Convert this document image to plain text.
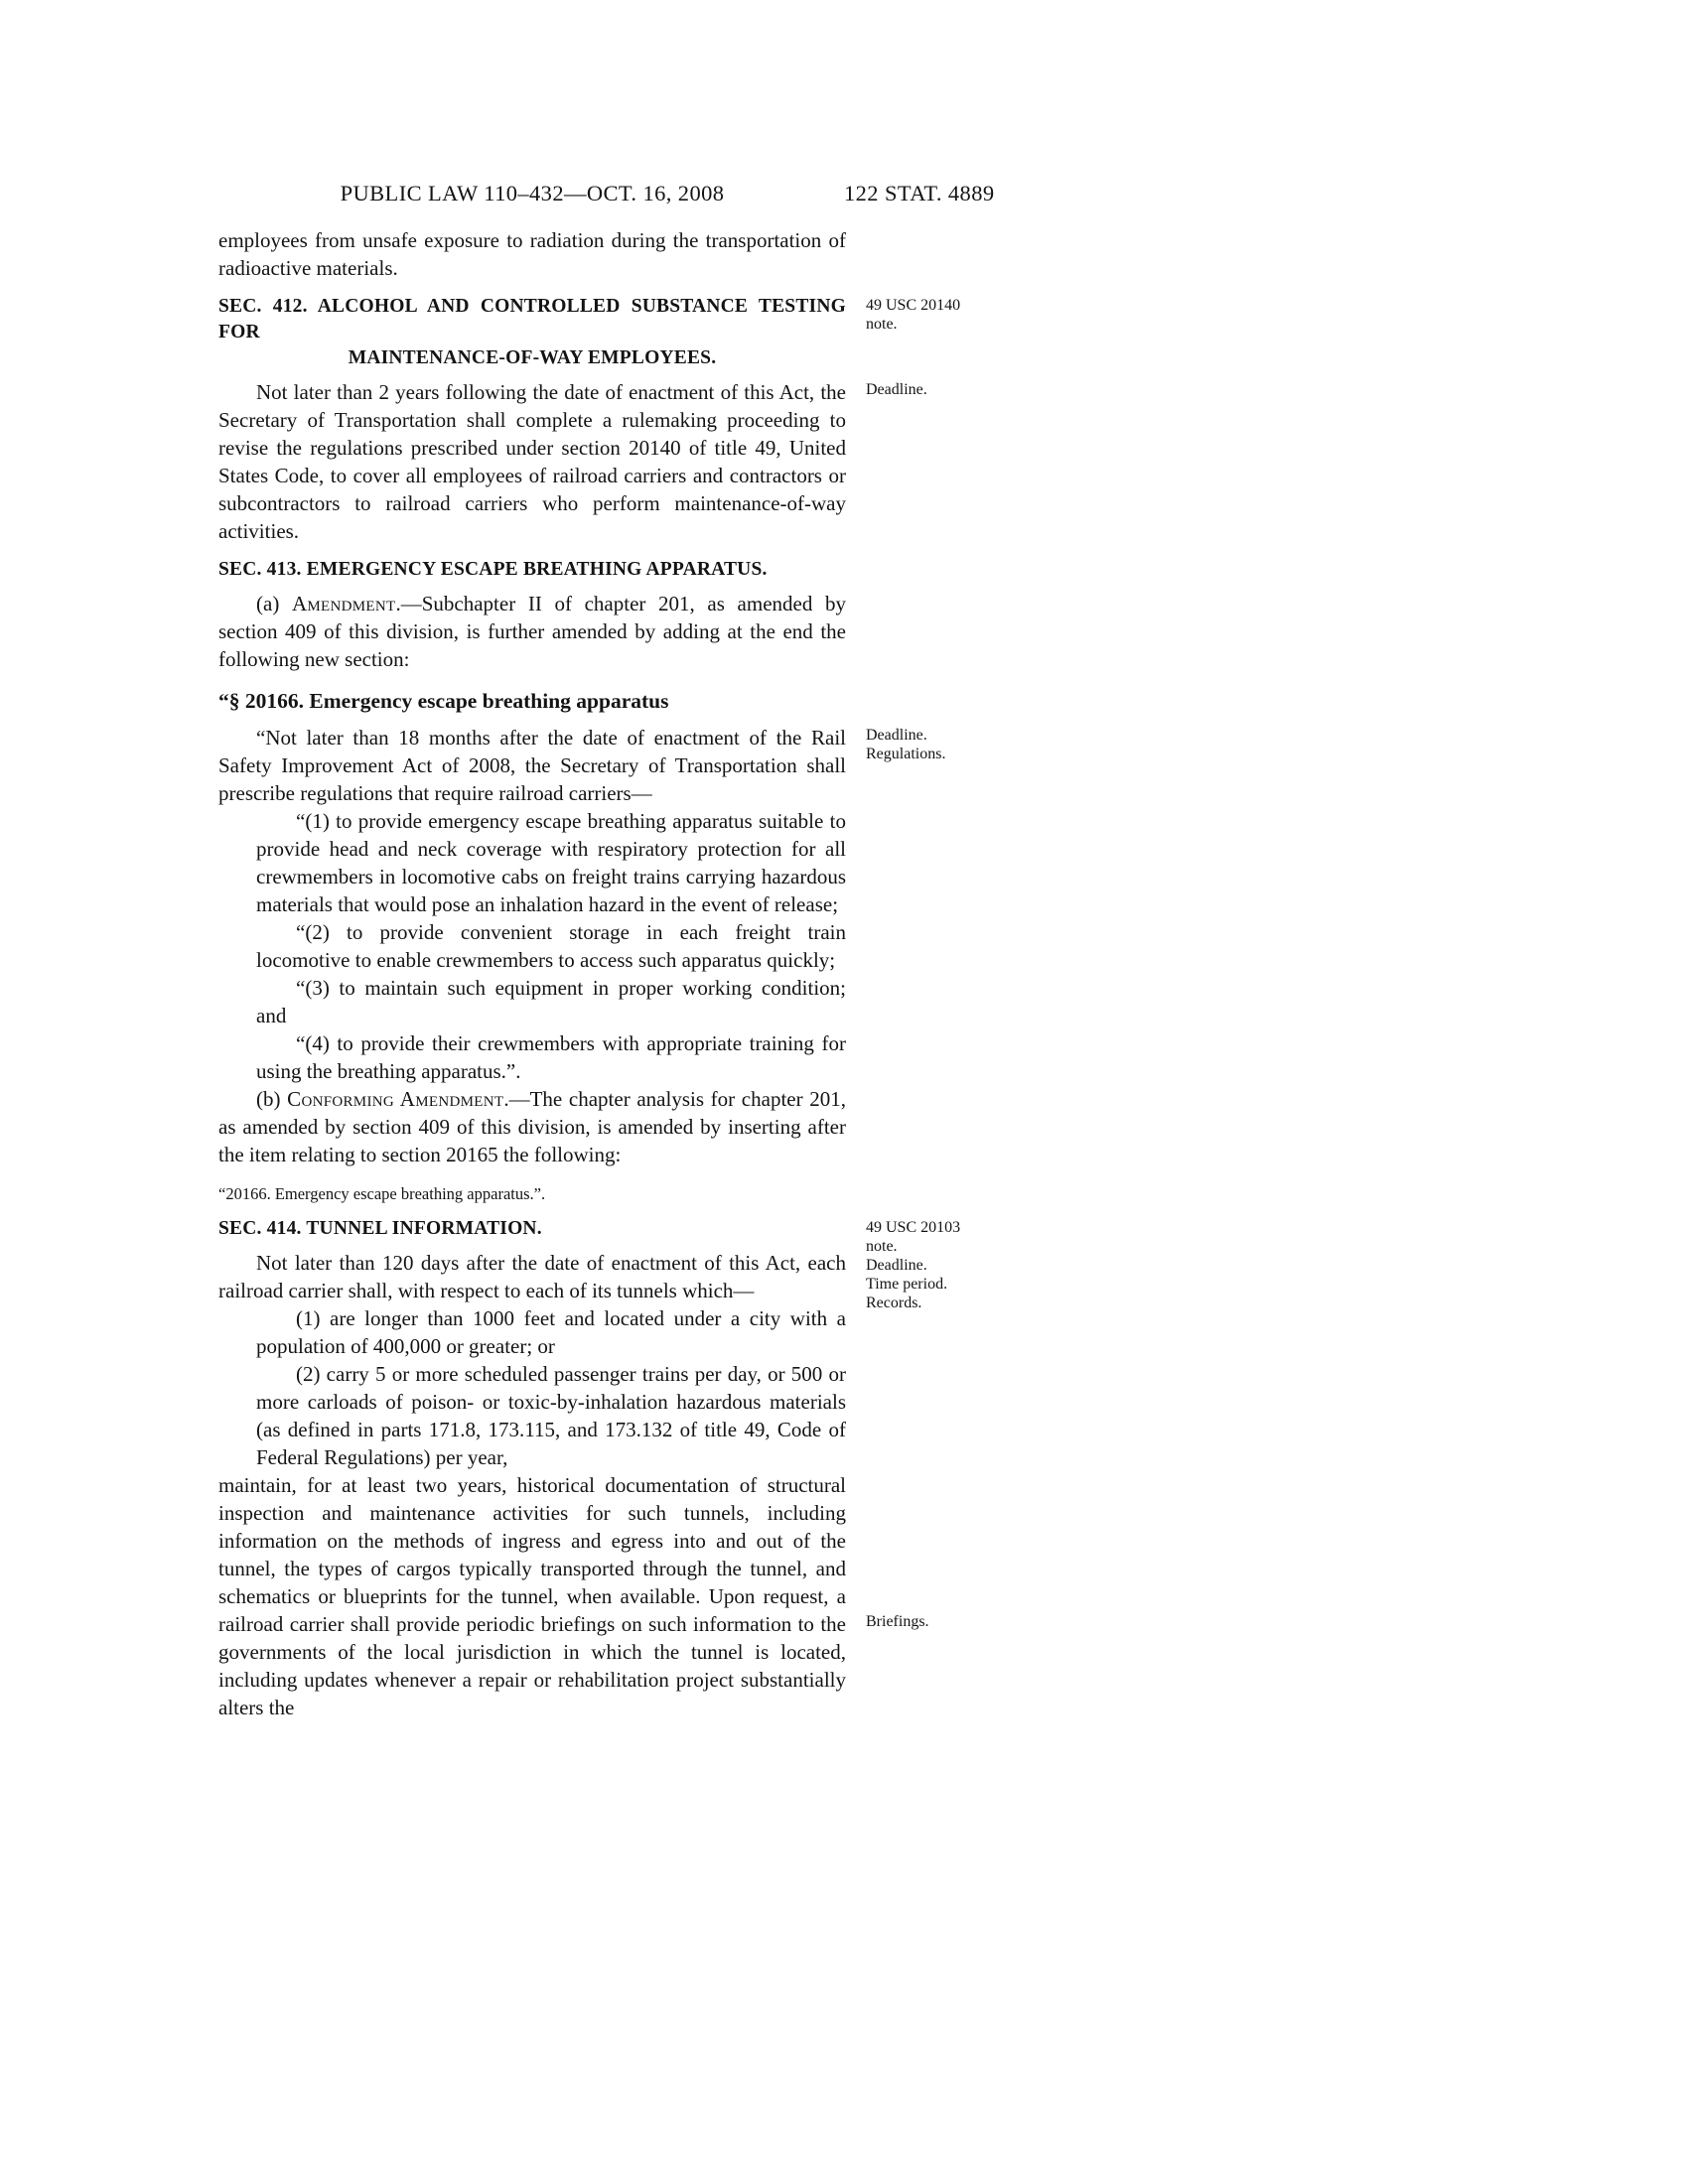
PUBLIC LAW 110–432—OCT. 16, 2008	122 STAT. 4889

employees from unsafe exposure to radiation during the transportation of radioactive materials.

SEC. 412. ALCOHOL AND CONTROLLED SUBSTANCE TESTING FOR

MAINTENANCE-OF-WAY EMPLOYEES.

49 USC 20140
note.

Not later than 2 years following the date of enactment of this Act, the Secretary of Transportation shall complete a rulemaking proceeding to revise the regulations prescribed under section 20140 of title 49, United States Code, to cover all employees of railroad carriers and contractors or subcontractors to railroad carriers who perform maintenance-of-way activities.

Deadline.

SEC. 413. EMERGENCY ESCAPE BREATHING APPARATUS.

(a) Amendment.—Subchapter II of chapter 201, as amended by section 409 of this division, is further amended by adding at the end the following new section:

“§ 20166. Emergency escape breathing apparatus

“Not later than 18 months after the date of enactment of the Rail Safety Improvement Act of 2008, the Secretary of Transportation shall prescribe regulations that require railroad carriers—

Deadline.
Regulations.

“(1) to provide emergency escape breathing apparatus suitable to provide head and neck coverage with respiratory protection for all crewmembers in locomotive cabs on freight trains carrying hazardous materials that would pose an inhalation hazard in the event of release;

“(2) to provide convenient storage in each freight train locomotive to enable crewmembers to access such apparatus quickly;

“(3) to maintain such equipment in proper working condition; and

“(4) to provide their crewmembers with appropriate training for using the breathing apparatus.”.

(b) Conforming Amendment.—The chapter analysis for chapter 201, as amended by section 409 of this division, is amended by inserting after the item relating to section 20165 the following:

“20166. Emergency escape breathing apparatus.”.

SEC. 414. TUNNEL INFORMATION.	49 USC 20103
note.
Deadline.
Time period.
Records.

Not later than 120 days after the date of enactment of this Act, each railroad carrier shall, with respect to each of its tunnels which—

(1) are longer than 1000 feet and located under a city with a population of 400,000 or greater; or

(2) carry 5 or more scheduled passenger trains per day, or 500 or more carloads of poison- or toxic-by-inhalation hazardous materials (as defined in parts 171.8, 173.115, and 173.132 of title 49, Code of Federal Regulations) per year,

maintain, for at least two years, historical documentation of structural inspection and maintenance activities for such tunnels, including information on the methods of ingress and egress into and out of the tunnel, the types of cargos typically transported through the tunnel, and schematics or blueprints for the tunnel, when available. Upon request, a railroad carrier shall provide periodic briefings on such information to the governments of the local jurisdiction in which the tunnel is located, including updates whenever a repair or rehabilitation project substantially alters the

Briefings.
